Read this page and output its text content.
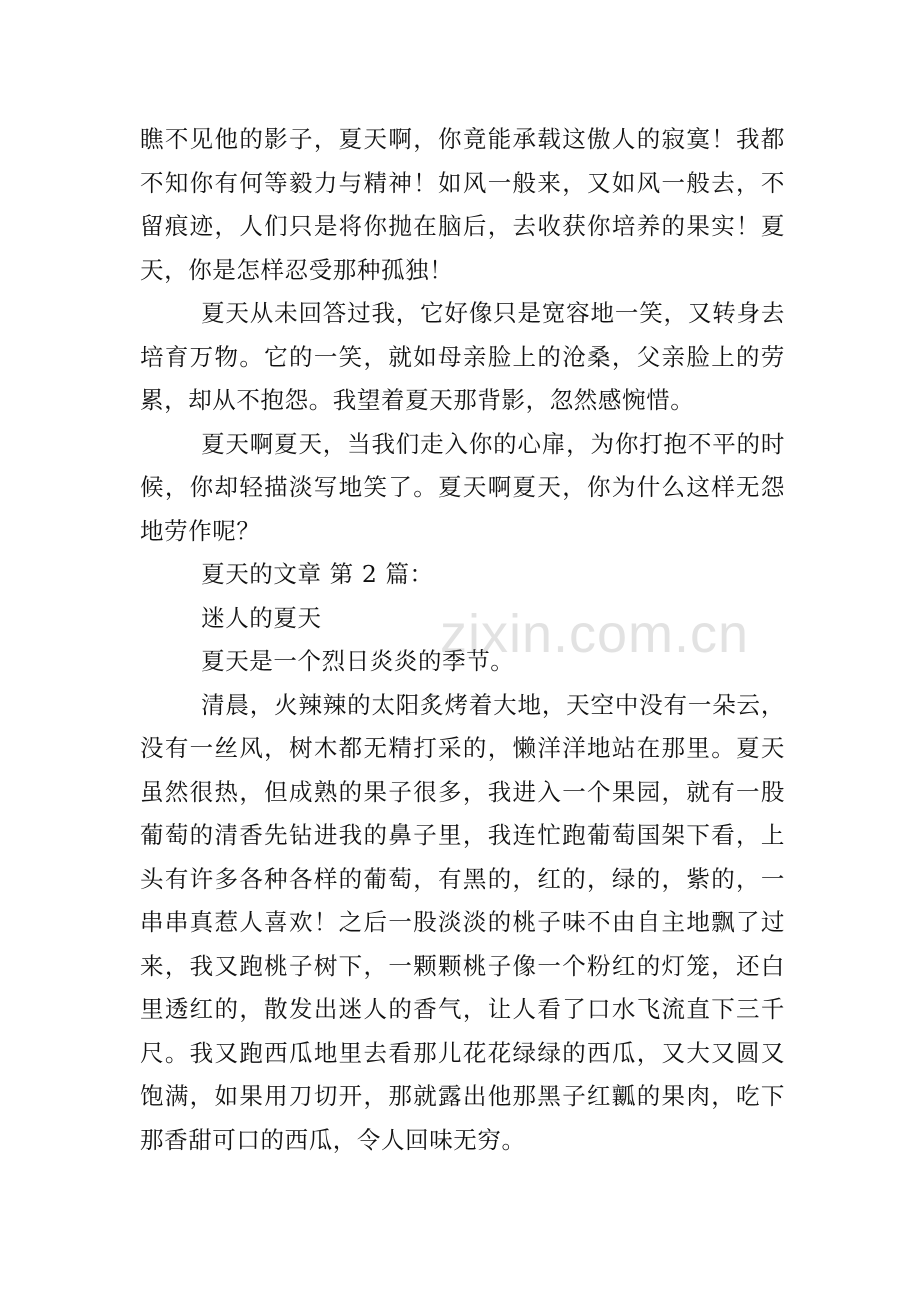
瞧不见他的影子，夏天啊，你竟能承载这傲人的寂寞！我都不知你有何等毅力与精神！如风一般来，又如风一般去，不留痕迹，人们只是将你抛在脑后，去收获你培养的果实！夏天，你是怎样忍受那种孤独！

夏天从未回答过我，它好像只是宽容地一笑，又转身去培育万物。它的一笑，就如母亲脸上的沧桑，父亲脸上的劳累，却从不抱怨。我望着夏天那背影，忽然感惋惜。

夏天啊夏天，当我们走入你的心扉，为你打抱不平的时候，你却轻描淡写地笑了。夏天啊夏天，你为什么这样无怨地劳作呢？

夏天的文章 第 2 篇：

迷人的夏天

夏天是一个烈日炎炎的季节。

清晨，火辣辣的太阳炙烤着大地，天空中没有一朵云，没有一丝风，树木都无精打采的，懒洋洋地站在那里。夏天虽然很热，但成熟的果子很多，我进入一个果园，就有一股葡萄的清香先钻进我的鼻子里，我连忙跑葡萄国架下看，上头有许多各种各样的葡萄，有黑的，红的，绿的，紫的，一串串真惹人喜欢！之后一股淡淡的桃子味不由自主地飘了过来，我又跑桃子树下，一颗颗桃子像一个粉红的灯笼，还白里透红的，散发出迷人的香气，让人看了口水飞流直下三千尺。我又跑西瓜地里去看那儿花花绿绿的西瓜，又大又圆又饱满，如果用刀切开，那就露出他那黑子红瓤的果肉，吃下那香甜可口的西瓜，令人回味无穷。

zixin.com.cn
